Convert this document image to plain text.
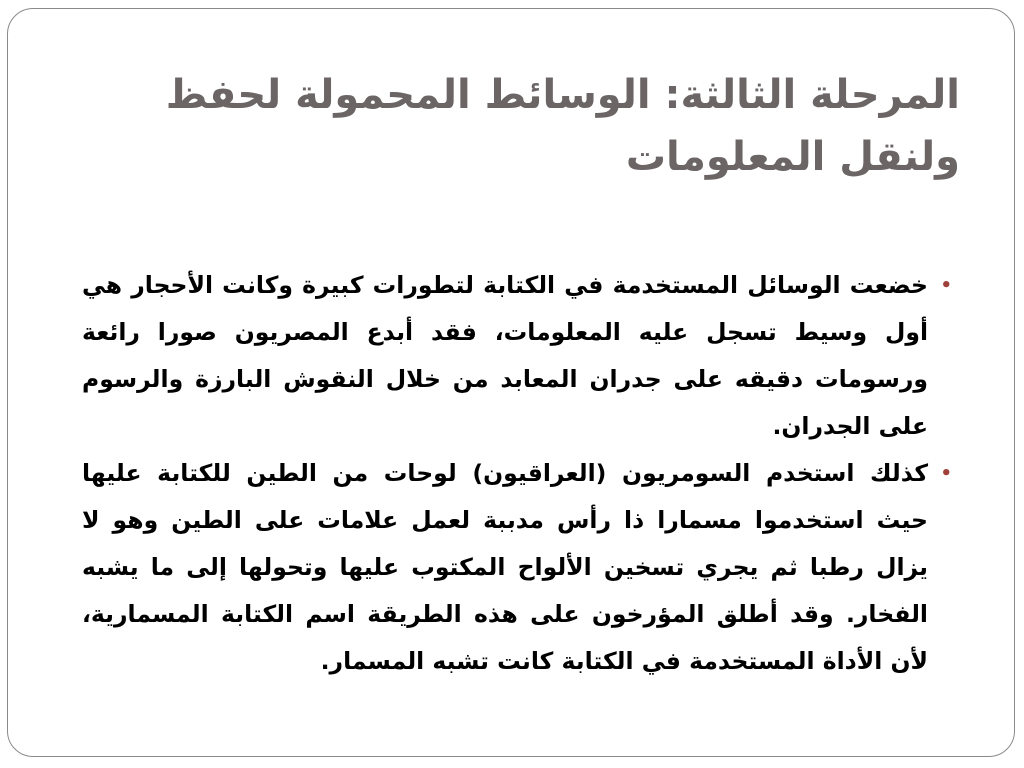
المرحلة الثالثة: الوسائط المحمولة لحفظ ولنقل المعلومات
•
خضعت الوسائل المستخدمة في الكتابة لتطورات كبيرة وكانت الأحجار هي أول وسيط تسجل عليه المعلومات، فقد أبدع المصريون صورا رائعة ورسومات دقيقه على جدران المعابد من خلال النقوش البارزة والرسوم على الجدران.
•
كذلك استخدم السومريون (العراقيون) لوحات من الطين للكتابة عليها حيث استخدموا مسمارا ذا رأس مدببة لعمل علامات على الطين وهو لا يزال رطبا ثم يجري تسخين الألواح المكتوب عليها وتحولها إلى ما يشبه الفخار. وقد أطلق المؤرخون على هذه الطريقة اسم الكتابة المسمارية، لأن الأداة المستخدمة في الكتابة كانت تشبه المسمار.
